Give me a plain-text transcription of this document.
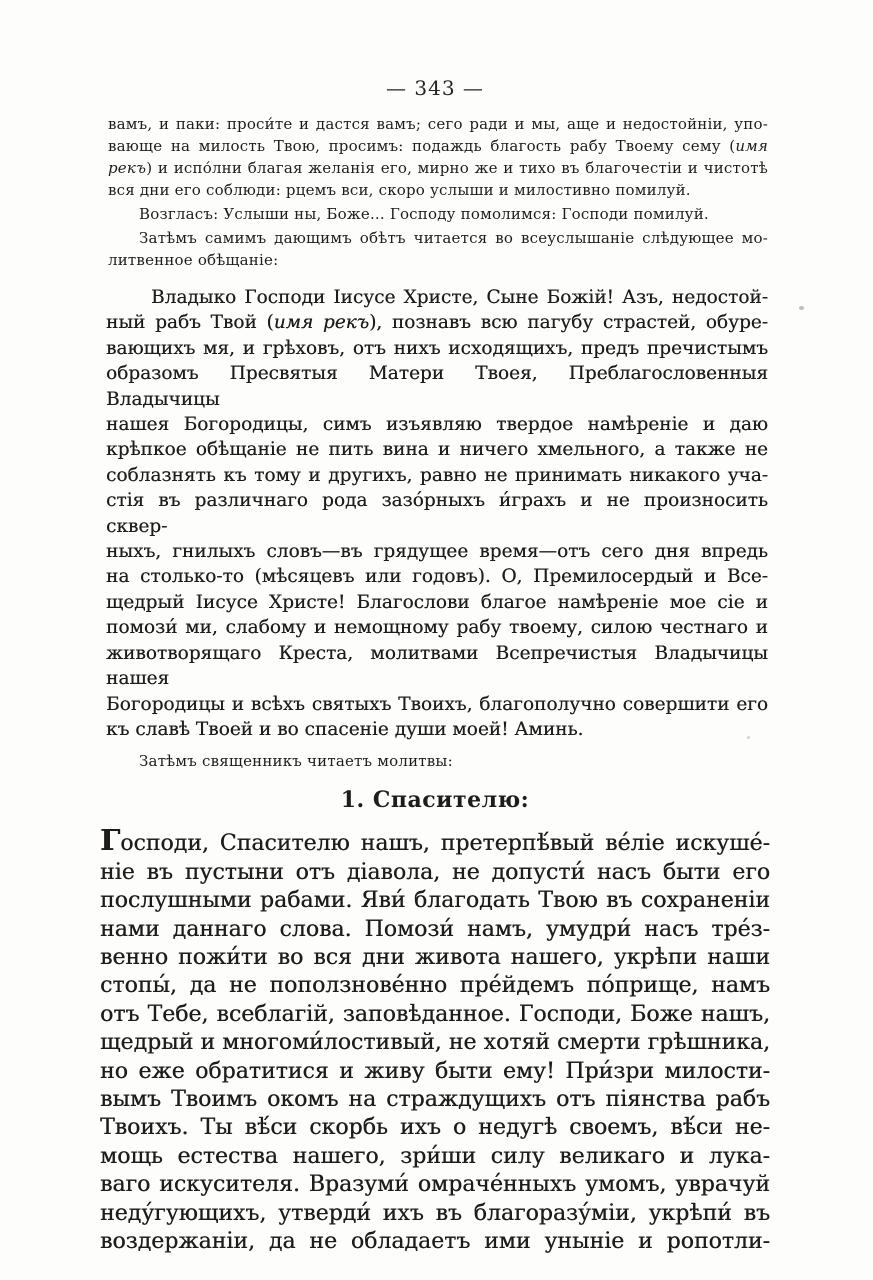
— 343 —
вамъ, и паки: проси́те и дастся вамъ; сего ради и мы, аще и недостойніи, упо-
вающе на милость Твою, просимъ: подаждь благость рабу Твоему сему (имя
рекъ) и испо́лни благая желанія его, мирно же и тихо въ благочестіи и чистотѣ
вся дни его соблюди: рцемъ вси, скоро услыши и милостивно помилуй.
Возгласъ: Услыши ны, Боже... Господу помолимся: Господи помилуй.
Затѣмъ самимъ дающимъ обѣтъ читается во всеуслышаніе слѣдующее мо-
литвенное обѣщаніе:
Владыко Господи Іисусе Христе, Сыне Божій! Азъ, недостой-
ный рабъ Твой (имя рекъ), познавъ всю пагубу страстей, обуре-
вающихъ мя, и грѣховъ, отъ нихъ исходящихъ, предъ пречистымъ
образомъ Пресвятыя Матери Твоея, Преблагословенныя Владычицы
нашея Богородицы, симъ изъявляю твердое намѣреніе и даю
крѣпкое обѣщаніе не пить вина и ничего хмельного, а также не
соблазнять къ тому и другихъ, равно не принимать никакого уча-
стія въ различнаго рода зазо́рныхъ и́грахъ и не произносить сквер-
ныхъ, гнилыхъ словъ—въ грядущее время—отъ сего дня впредь
на столько-то (мѣсяцевъ или годовъ). О, Премилосердый и Все-
щедрый Іисусе Христе! Благослови благое намѣреніе мое сіе и
помози́ ми, слабому и немощному рабу твоему, силою честнаго и
животворящаго Креста, молитвами Всепречистыя Владычицы нашея
Богородицы и всѣхъ святыхъ Твоихъ, благополучно совершити его
къ славѣ Твоей и во спасеніе души моей! Аминь.
Затѣмъ священникъ читаетъ молитвы:
1. Спасителю:
Господи, Спасителю нашъ, претерпѣ́вый ве́ліе искуше́-
ніе въ пустыни отъ діавола, не допусти́ насъ быти его
послушными рабами. Яви́ благодать Твою въ сохраненіи
нами даннаго слова. Помози́ намъ, умудри́ насъ тре́з-
венно пожи́ти во вся дни живота нашего, укрѣпи наши
стопы́, да не поползнове́нно пре́йдемъ по́прище, намъ
отъ Тебе, всеблагій, заповѣданное. Господи, Боже нашъ,
щедрый и многоми́лостивый, не хотяй смерти грѣшника,
но еже обратитися и живу быти ему! При́зри милости-
вымъ Твоимъ окомъ на страждущихъ отъ піянства рабъ
Твоихъ. Ты вѣ́си скорбь ихъ о недугѣ своемъ, вѣ́си не-
мощь естества нашего, зри́ши силу великаго и лука-
ваго искусителя. Вразуми́ омраче́нныхъ умомъ, уврачуй
неду́гующихъ, утверди́ ихъ въ благоразу́міи, укрѣпи́ въ
воздержаніи, да не обладаетъ ими уныніе и ропотли-
